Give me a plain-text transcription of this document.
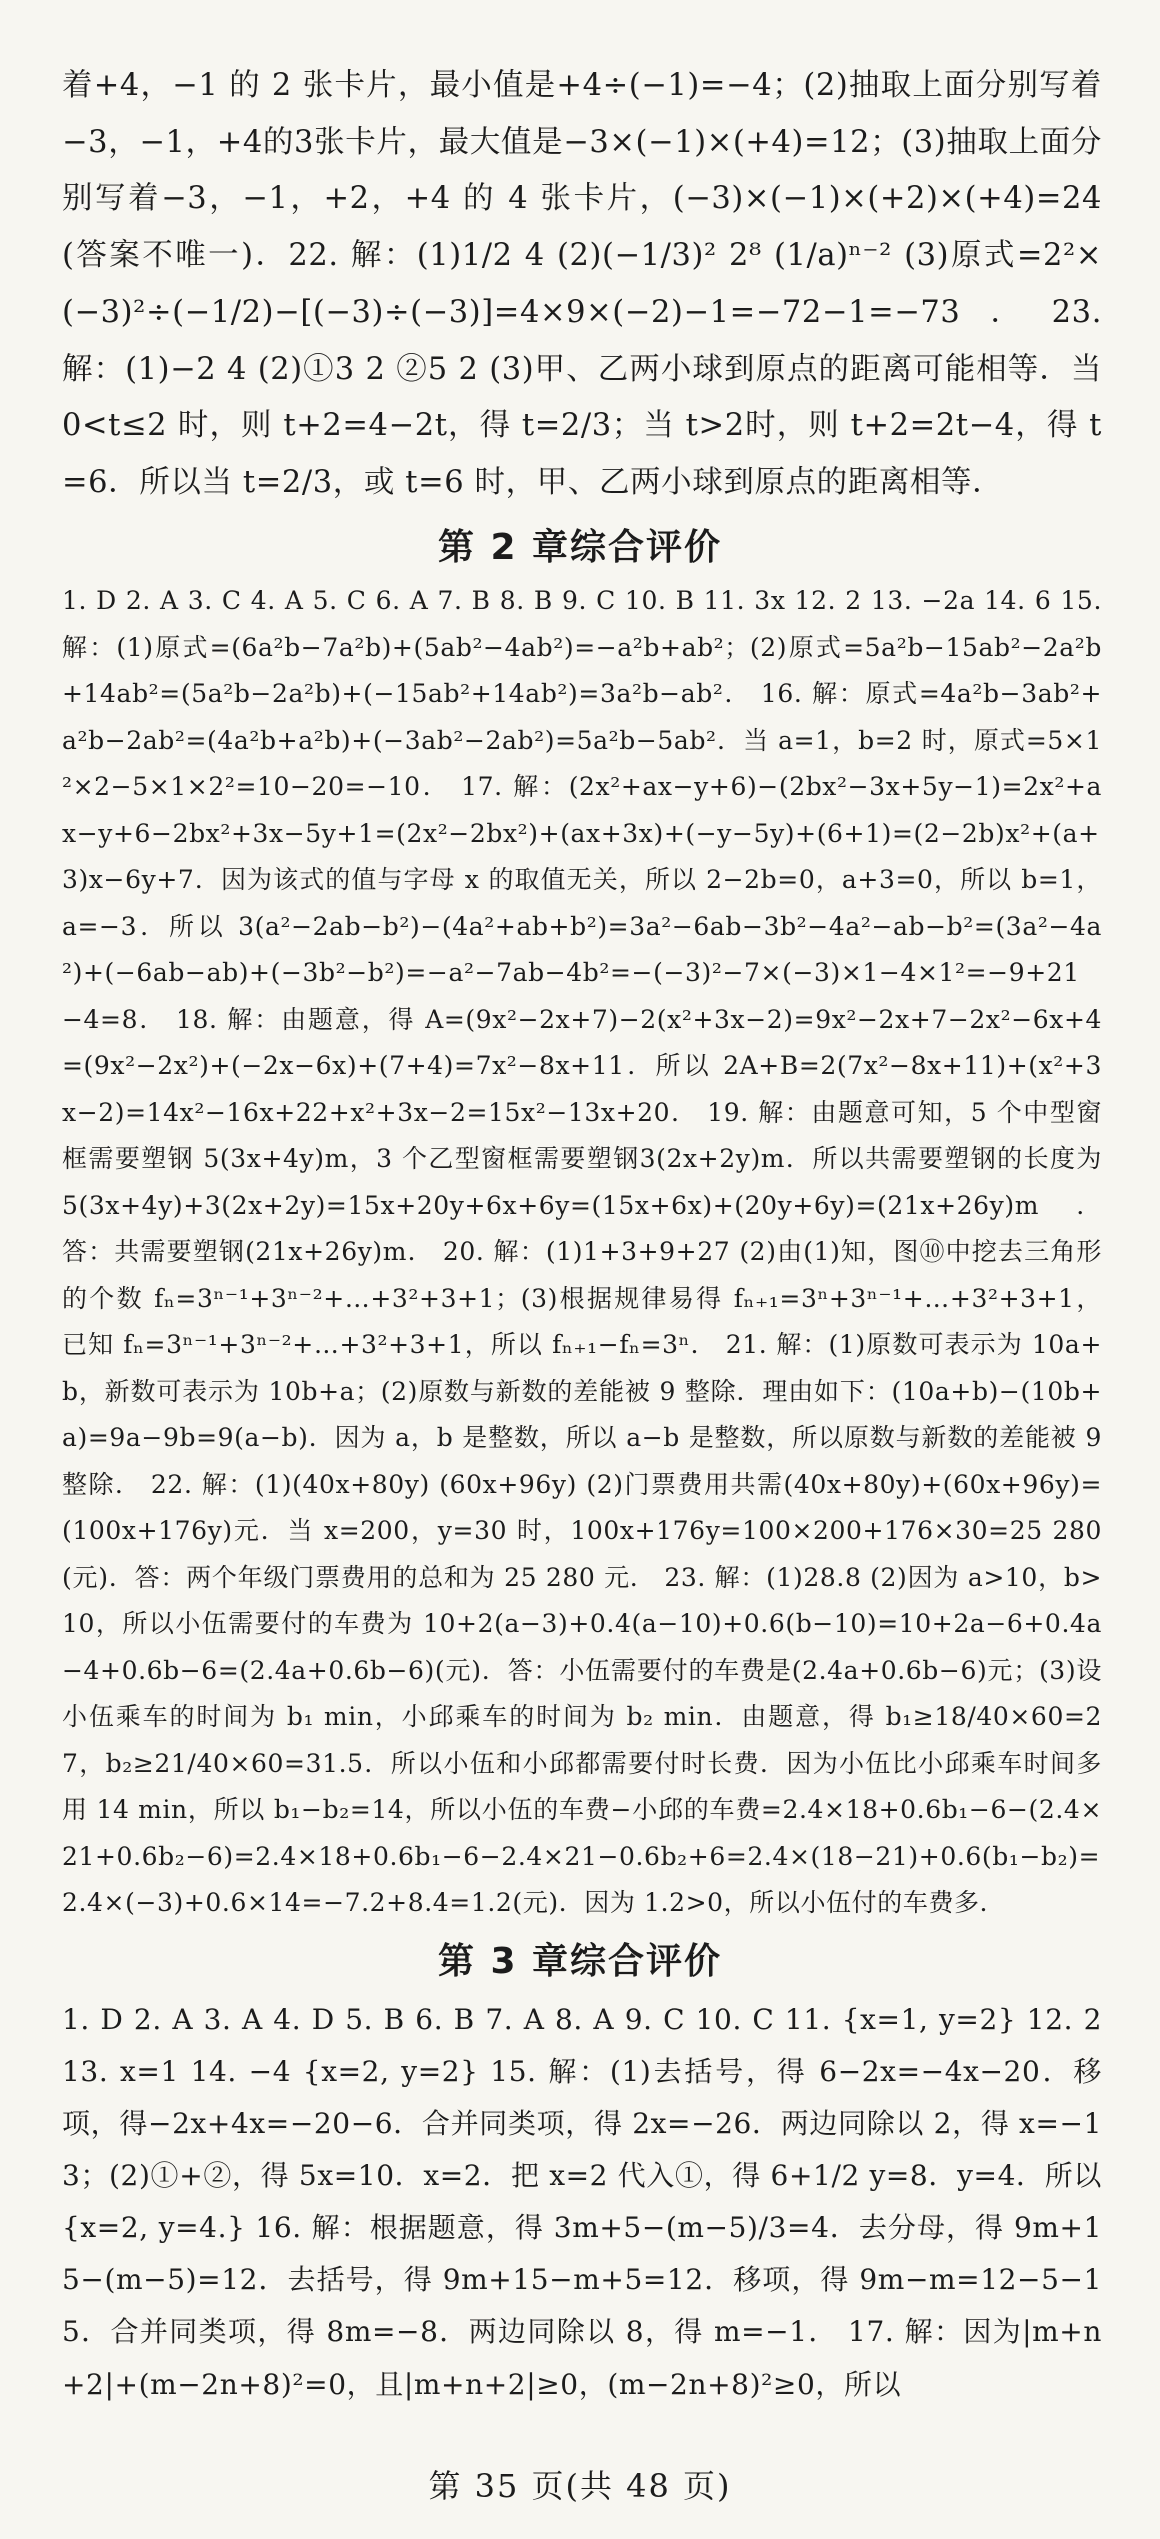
着+4，−1 的 2 张卡片，最小值是+4÷(−1)=−4；(2)抽取上面分别写着−3，−1，+4的3张卡片，最大值是−3×(−1)×(+4)=12；(3)抽取上面分别写着−3，−1，+2，+4 的 4 张卡片，(−3)×(−1)×(+2)×(+4)=24(答案不唯一)．22. 解：(1)1/2 4 (2)(−1/3)² 2⁸ (1/a)ⁿ⁻² (3)原式=2²×(−3)²÷(−1/2)−[(−3)÷(−3)]=4×9×(−2)−1=−72−1=−73．23. 解：(1)−2 4 (2)①3 2 ②5 2 (3)甲、乙两小球到原点的距离可能相等．当 0<t≤2 时，则 t+2=4−2t，得 t=2/3；当 t>2时，则 t+2=2t−4，得 t=6．所以当 t=2/3，或 t=6 时，甲、乙两小球到原点的距离相等．
第 2 章综合评价
1. D 2. A 3. C 4. A 5. C 6. A 7. B 8. B 9. C 10. B 11. 3x 12. 2 13. −2a 14. 6 15. 解：(1)原式=(6a²b−7a²b)+(5ab²−4ab²)=−a²b+ab²；(2)原式=5a²b−15ab²−2a²b+14ab²=(5a²b−2a²b)+(−15ab²+14ab²)=3a²b−ab²． 16. 解：原式=4a²b−3ab²+a²b−2ab²=(4a²b+a²b)+(−3ab²−2ab²)=5a²b−5ab²．当 a=1，b=2 时，原式=5×1²×2−5×1×2²=10−20=−10． 17. 解：(2x²+ax−y+6)−(2bx²−3x+5y−1)=2x²+ax−y+6−2bx²+3x−5y+1=(2x²−2bx²)+(ax+3x)+(−y−5y)+(6+1)=(2−2b)x²+(a+3)x−6y+7．因为该式的值与字母 x 的取值无关，所以 2−2b=0，a+3=0，所以 b=1，a=−3．所以 3(a²−2ab−b²)−(4a²+ab+b²)=3a²−6ab−3b²−4a²−ab−b²=(3a²−4a²)+(−6ab−ab)+(−3b²−b²)=−a²−7ab−4b²=−(−3)²−7×(−3)×1−4×1²=−9+21−4=8． 18. 解：由题意，得 A=(9x²−2x+7)−2(x²+3x−2)=9x²−2x+7−2x²−6x+4=(9x²−2x²)+(−2x−6x)+(7+4)=7x²−8x+11．所以 2A+B=2(7x²−8x+11)+(x²+3x−2)=14x²−16x+22+x²+3x−2=15x²−13x+20． 19. 解：由题意可知，5 个中型窗框需要塑钢 5(3x+4y)m，3 个乙型窗框需要塑钢3(2x+2y)m．所以共需要塑钢的长度为 5(3x+4y)+3(2x+2y)=15x+20y+6x+6y=(15x+6x)+(20y+6y)=(21x+26y)m．答：共需要塑钢(21x+26y)m． 20. 解：(1)1+3+9+27 (2)由(1)知，图⑩中挖去三角形的个数 fₙ=3ⁿ⁻¹+3ⁿ⁻²+…+3²+3+1；(3)根据规律易得 fₙ₊₁=3ⁿ+3ⁿ⁻¹+…+3²+3+1，已知 fₙ=3ⁿ⁻¹+3ⁿ⁻²+…+3²+3+1，所以 fₙ₊₁−fₙ=3ⁿ． 21. 解：(1)原数可表示为 10a+b，新数可表示为 10b+a；(2)原数与新数的差能被 9 整除．理由如下：(10a+b)−(10b+a)=9a−9b=9(a−b)．因为 a，b 是整数，所以 a−b 是整数，所以原数与新数的差能被 9 整除． 22. 解：(1)(40x+80y) (60x+96y) (2)门票费用共需(40x+80y)+(60x+96y)=(100x+176y)元．当 x=200，y=30 时，100x+176y=100×200+176×30=25 280(元)．答：两个年级门票费用的总和为 25 280 元． 23. 解：(1)28.8 (2)因为 a>10，b>10，所以小伍需要付的车费为 10+2(a−3)+0.4(a−10)+0.6(b−10)=10+2a−6+0.4a−4+0.6b−6=(2.4a+0.6b−6)(元)．答：小伍需要付的车费是(2.4a+0.6b−6)元；(3)设小伍乘车的时间为 b₁ min，小邱乘车的时间为 b₂ min．由题意，得 b₁≥18/40×60=27，b₂≥21/40×60=31.5．所以小伍和小邱都需要付时长费．因为小伍比小邱乘车时间多用 14 min，所以 b₁−b₂=14，所以小伍的车费−小邱的车费=2.4×18+0.6b₁−6−(2.4×21+0.6b₂−6)=2.4×18+0.6b₁−6−2.4×21−0.6b₂+6=2.4×(18−21)+0.6(b₁−b₂)=2.4×(−3)+0.6×14=−7.2+8.4=1.2(元)．因为 1.2>0，所以小伍付的车费多．
第 3 章综合评价
1. D 2. A 3. A 4. D 5. B 6. B 7. A 8. A 9. C 10. C 11. {x=1, y=2} 12. 2 13. x=1 14. −4 {x=2, y=2} 15. 解：(1)去括号，得 6−2x=−4x−20．移项，得−2x+4x=−20−6．合并同类项，得 2x=−26．两边同除以 2，得 x=−13；(2)①+②，得 5x=10．x=2．把 x=2 代入①，得 6+1/2 y=8．y=4．所以 {x=2, y=4.} 16. 解：根据题意，得 3m+5−(m−5)/3=4．去分母，得 9m+15−(m−5)=12．去括号，得 9m+15−m+5=12．移项，得 9m−m=12−5−15．合并同类项，得 8m=−8．两边同除以 8，得 m=−1． 17. 解：因为|m+n+2|+(m−2n+8)²=0，且|m+n+2|≥0，(m−2n+8)²≥0，所以
第 35 页(共 48 页)
